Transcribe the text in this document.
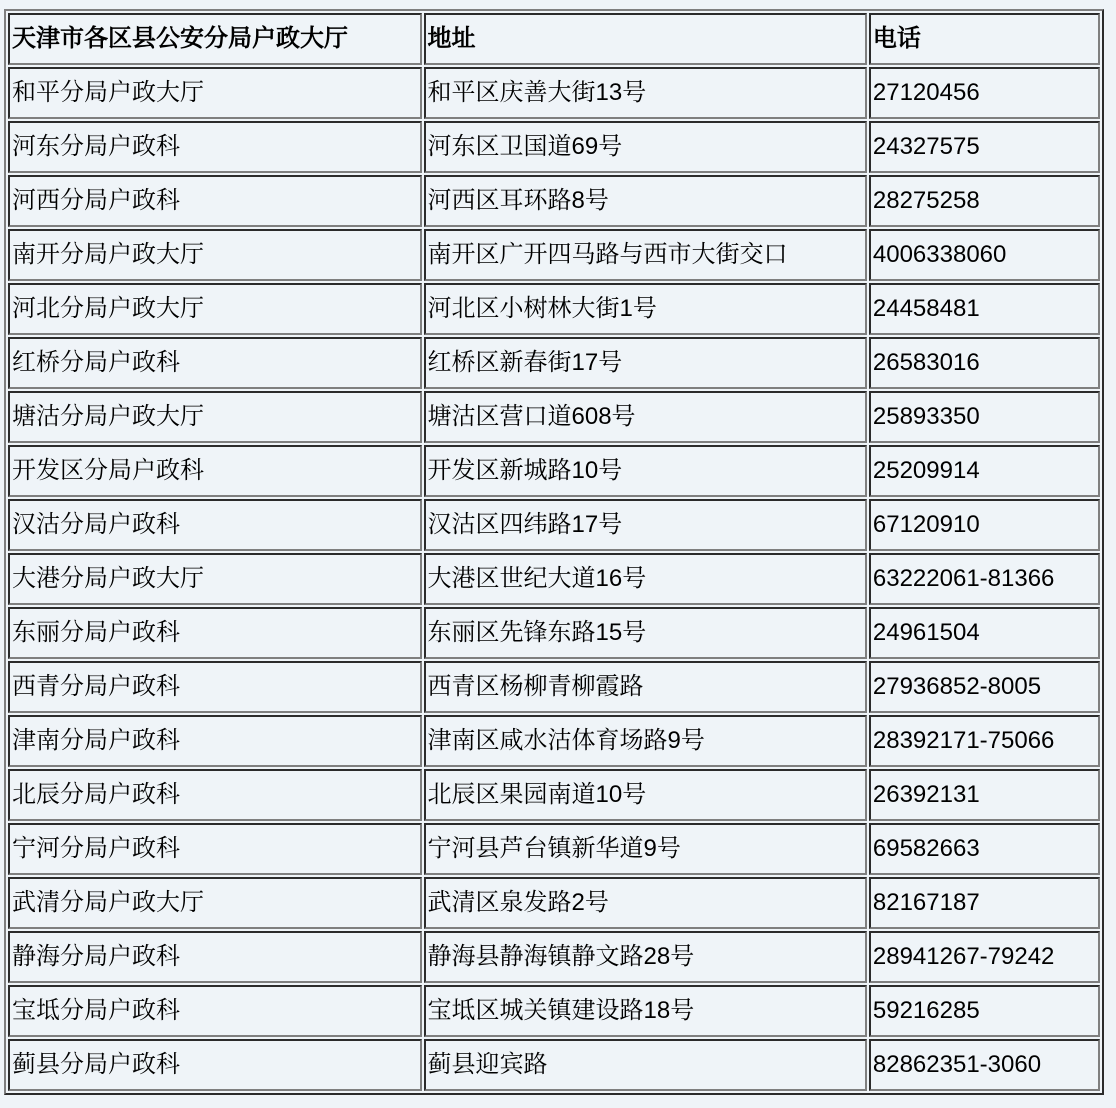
天津市各区县公安分局户政大厅	地址	电话
和平分局户政大厅	和平区庆善大街13号	27120456
河东分局户政科	河东区卫国道69号	24327575
河西分局户政科	河西区耳环路8号	28275258
南开分局户政大厅	南开区广开四马路与西市大街交口	4006338060
河北分局户政大厅	河北区小树林大街1号	24458481
红桥分局户政科	红桥区新春街17号	26583016
塘沽分局户政大厅	塘沽区营口道608号	25893350
开发区分局户政科	开发区新城路10号	25209914
汉沽分局户政科	汉沽区四纬路17号	67120910
大港分局户政大厅	大港区世纪大道16号	63222061-81366
东丽分局户政科	东丽区先锋东路15号	24961504
西青分局户政科	西青区杨柳青柳霞路	27936852-8005
津南分局户政科	津南区咸水沽体育场路9号	28392171-75066
北辰分局户政科	北辰区果园南道10号	26392131
宁河分局户政科	宁河县芦台镇新华道9号	69582663
武清分局户政大厅	武清区泉发路2号	82167187
静海分局户政科	静海县静海镇静文路28号	28941267-79242
宝坻分局户政科	宝坻区城关镇建设路18号	59216285
蓟县分局户政科	蓟县迎宾路	82862351-3060
